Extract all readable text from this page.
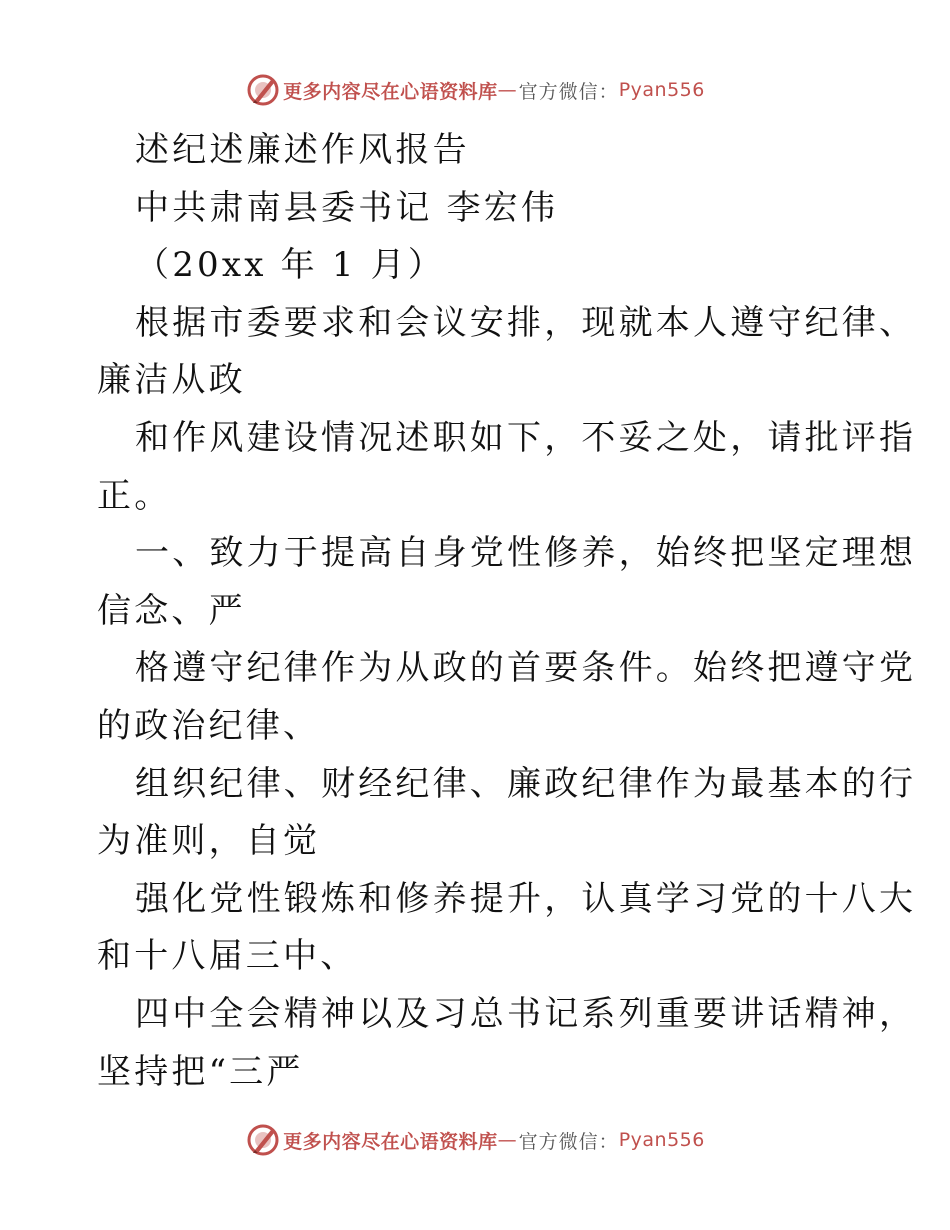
更多内容尽在心语资料库 — 官方微信： Pyan556
述纪述廉述作风报告
中共肃南县委书记 李宏伟
（20xx 年 1 月）
根据市委要求和会议安排，现就本人遵守纪律、
廉洁从政
和作风建设情况述职如下，不妥之处，请批评指
正。
一、致力于提高自身党性修养，始终把坚定理想
信念、严
格遵守纪律作为从政的首要条件。始终把遵守党
的政治纪律、
组织纪律、财经纪律、廉政纪律作为最基本的行
为准则，自觉
强化党性锻炼和修养提升，认真学习党的十八大
和十八届三中、
四中全会精神以及习总书记系列重要讲话精神，
坚持把“三严
更多内容尽在心语资料库 — 官方微信： Pyan556
